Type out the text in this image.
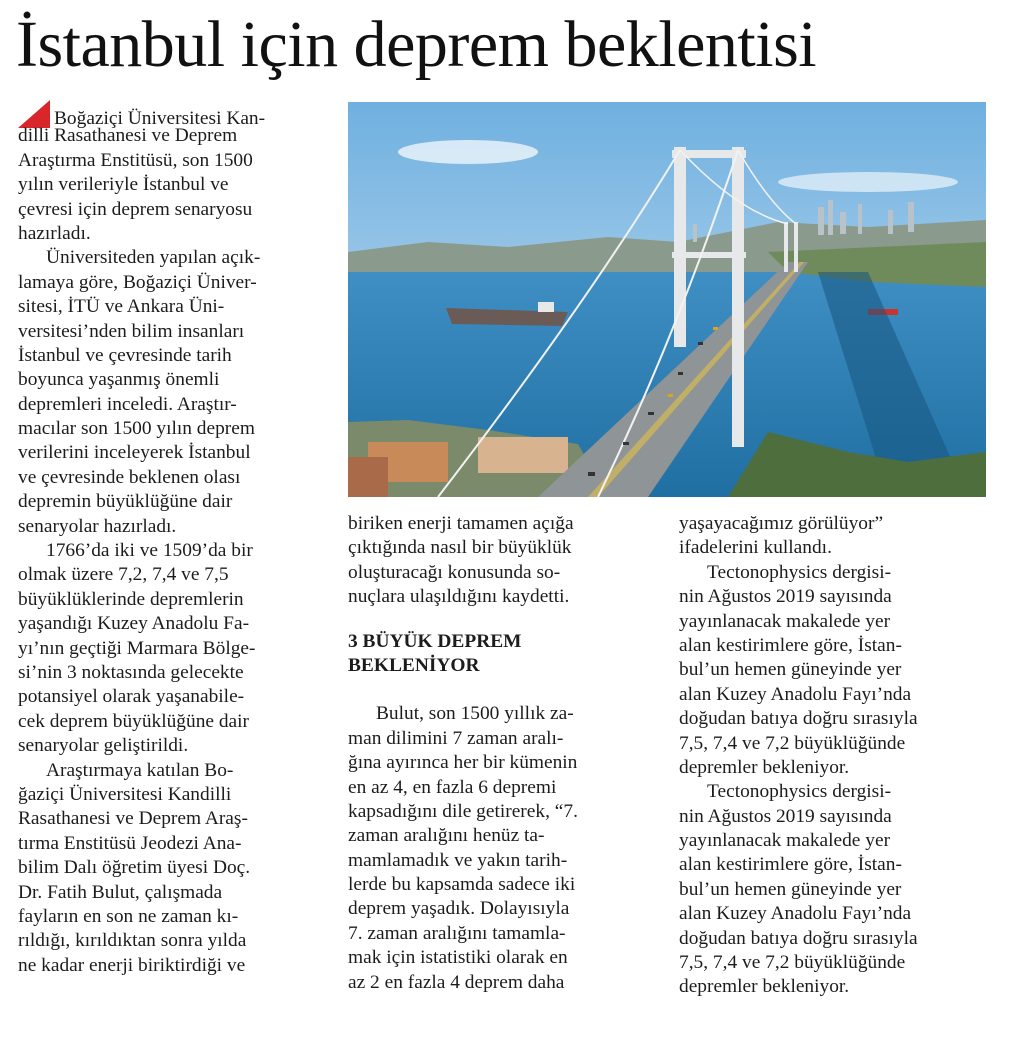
İstanbul için deprem beklentisi
Boğaziçi Üniversitesi Kan-
dilli Rasathanesi ve Deprem
Araştırma Enstitüsü, son 1500
yılın verileriyle İstanbul ve
çevresi için deprem senaryosu
hazırladı.
Üniversiteden yapılan açık-
lamaya göre, Boğaziçi Üniver-
sitesi, İTÜ ve Ankara Üni-
versitesi’nden bilim insanları
İstanbul ve çevresinde tarih
boyunca yaşanmış önemli
depremleri inceledi. Araştır-
macılar son 1500 yılın deprem
verilerini inceleyerek İstanbul
ve çevresinde beklenen olası
depremin büyüklüğüne dair
senaryolar hazırladı.
1766’da iki ve 1509’da bir
olmak üzere 7,2, 7,4 ve 7,5
büyüklüklerinde depremlerin
yaşandığı Kuzey Anadolu Fa-
yı’nın geçtiği Marmara Bölge-
si’nin 3 noktasında gelecekte
potansiyel olarak yaşanabile-
cek deprem büyüklüğüne dair
senaryolar geliştirildi.
Araştırmaya katılan Bo-
ğaziçi Üniversitesi Kandilli
Rasathanesi ve Deprem Araş-
tırma Enstitüsü Jeodezi Ana-
bilim Dalı öğretim üyesi Doç.
Dr. Fatih Bulut, çalışmada
fayların en son ne zaman kı-
rıldığı, kırıldıktan sonra yılda
ne kadar enerji biriktirdiği ve
biriken enerji tamamen açığa
çıktığında nasıl bir büyüklük
oluşturacağı konusunda so-
nuçlara ulaşıldığını kaydetti.
3 BÜYÜK DEPREM
BEKLENİYOR
Bulut, son 1500 yıllık za-
man dilimini 7 zaman aralı-
ğına ayırınca her bir kümenin
en az 4, en fazla 6 depremi
kapsadığını dile getirerek, “7.
zaman aralığını henüz ta-
mamlamadık ve yakın tarih-
lerde bu kapsamda sadece iki
deprem yaşadık. Dolayısıyla
7. zaman aralığını tamamla-
mak için istatistiki olarak en
az 2 en fazla 4 deprem daha
yaşayacağımız görülüyor”
ifadelerini kullandı.
Tectonophysics dergisi-
nin Ağustos 2019 sayısında
yayınlanacak makalede yer
alan kestirimlere göre, İstan-
bul’un hemen güneyinde yer
alan Kuzey Anadolu Fayı’nda
doğudan batıya doğru sırasıyla
7,5, 7,4 ve 7,2 büyüklüğünde
depremler bekleniyor.
Tectonophysics dergisi-
nin Ağustos 2019 sayısında
yayınlanacak makalede yer
alan kestirimlere göre, İstan-
bul’un hemen güneyinde yer
alan Kuzey Anadolu Fayı’nda
doğudan batıya doğru sırasıyla
7,5, 7,4 ve 7,2 büyüklüğünde
depremler bekleniyor.
